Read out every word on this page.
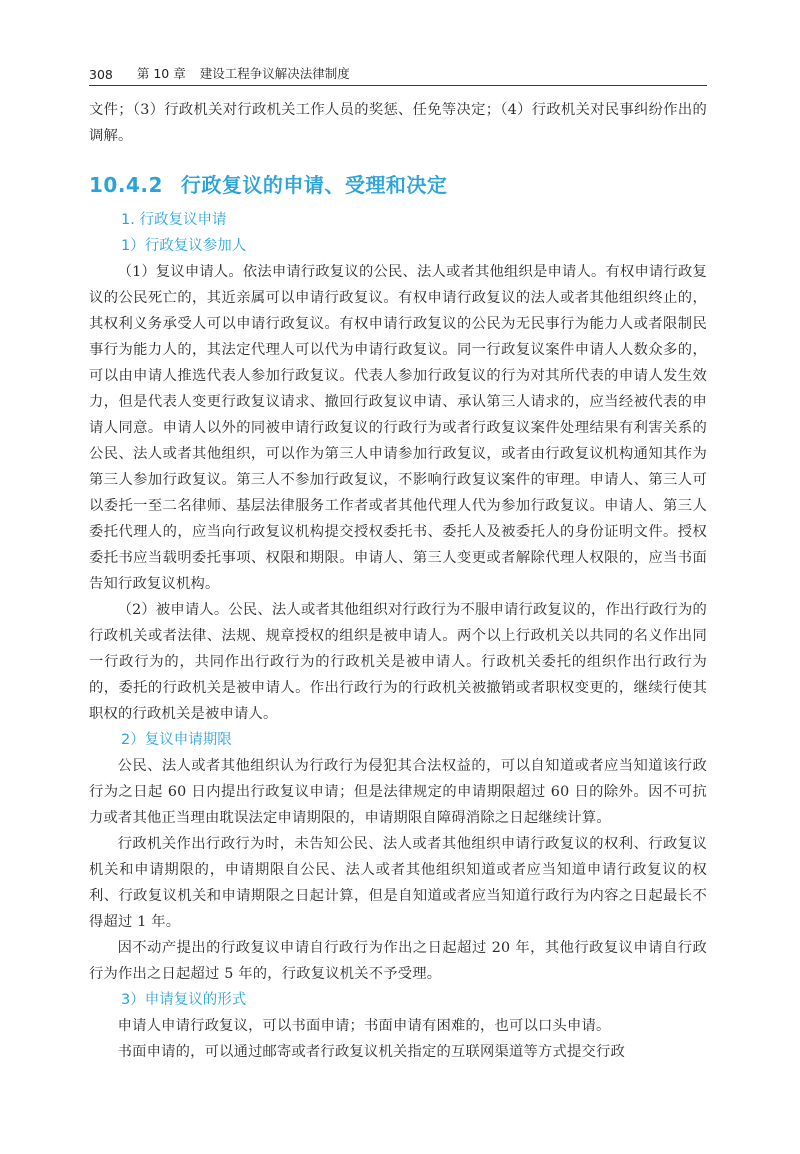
308 第 10 章 建设工程争议解决法律制度

文件；（3）行政机关对行政机关工作人员的奖惩、任免等决定；（4）行政机关对民事纠纷作出的调解。

10.4.2 行政复议的申请、受理和决定
1. 行政复议申请
1）行政复议参加人

（1）复议申请人。依法申请行政复议的公民、法人或者其他组织是申请人。有权申请行政复议的公民死亡的，其近亲属可以申请行政复议。有权申请行政复议的法人或者其他组织终止的，其权利义务承受人可以申请行政复议。有权申请行政复议的公民为无民事行为能力人或者限制民事行为能力人的，其法定代理人可以代为申请行政复议。同一行政复议案件申请人人数众多的，可以由申请人推选代表人参加行政复议。代表人参加行政复议的行为对其所代表的申请人发生效力，但是代表人变更行政复议请求、撤回行政复议申请、承认第三人请求的，应当经被代表的申请人同意。申请人以外的同被申请行政复议的行政行为或者行政复议案件处理结果有利害关系的公民、法人或者其他组织，可以作为第三人申请参加行政复议，或者由行政复议机构通知其作为第三人参加行政复议。第三人不参加行政复议，不影响行政复议案件的审理。申请人、第三人可以委托一至二名律师、基层法律服务工作者或者其他代理人代为参加行政复议。申请人、第三人委托代理人的，应当向行政复议机构提交授权委托书、委托人及被委托人的身份证明文件。授权委托书应当载明委托事项、权限和期限。申请人、第三人变更或者解除代理人权限的，应当书面告知行政复议机构。

（2）被申请人。公民、法人或者其他组织对行政行为不服申请行政复议的，作出行政行为的行政机关或者法律、法规、规章授权的组织是被申请人。两个以上行政机关以共同的名义作出同一行政行为的，共同作出行政行为的行政机关是被申请人。行政机关委托的组织作出行政行为的，委托的行政机关是被申请人。作出行政行为的行政机关被撤销或者职权变更的，继续行使其职权的行政机关是被申请人。

2）复议申请期限

公民、法人或者其他组织认为行政行为侵犯其合法权益的，可以自知道或者应当知道该行政行为之日起 60 日内提出行政复议申请；但是法律规定的申请期限超过 60 日的除外。因不可抗力或者其他正当理由耽误法定申请期限的，申请期限自障碍消除之日起继续计算。

行政机关作出行政行为时，未告知公民、法人或者其他组织申请行政复议的权利、行政复议机关和申请期限的，申请期限自公民、法人或者其他组织知道或者应当知道申请行政复议的权利、行政复议机关和申请期限之日起计算，但是自知道或者应当知道行政行为内容之日起最长不得超过 1 年。

因不动产提出的行政复议申请自行政行为作出之日起超过 20 年，其他行政复议申请自行政行为作出之日起超过 5 年的，行政复议机关不予受理。

3）申请复议的形式

申请人申请行政复议，可以书面申请；书面申请有困难的，也可以口头申请。

书面申请的，可以通过邮寄或者行政复议机关指定的互联网渠道等方式提交行政
